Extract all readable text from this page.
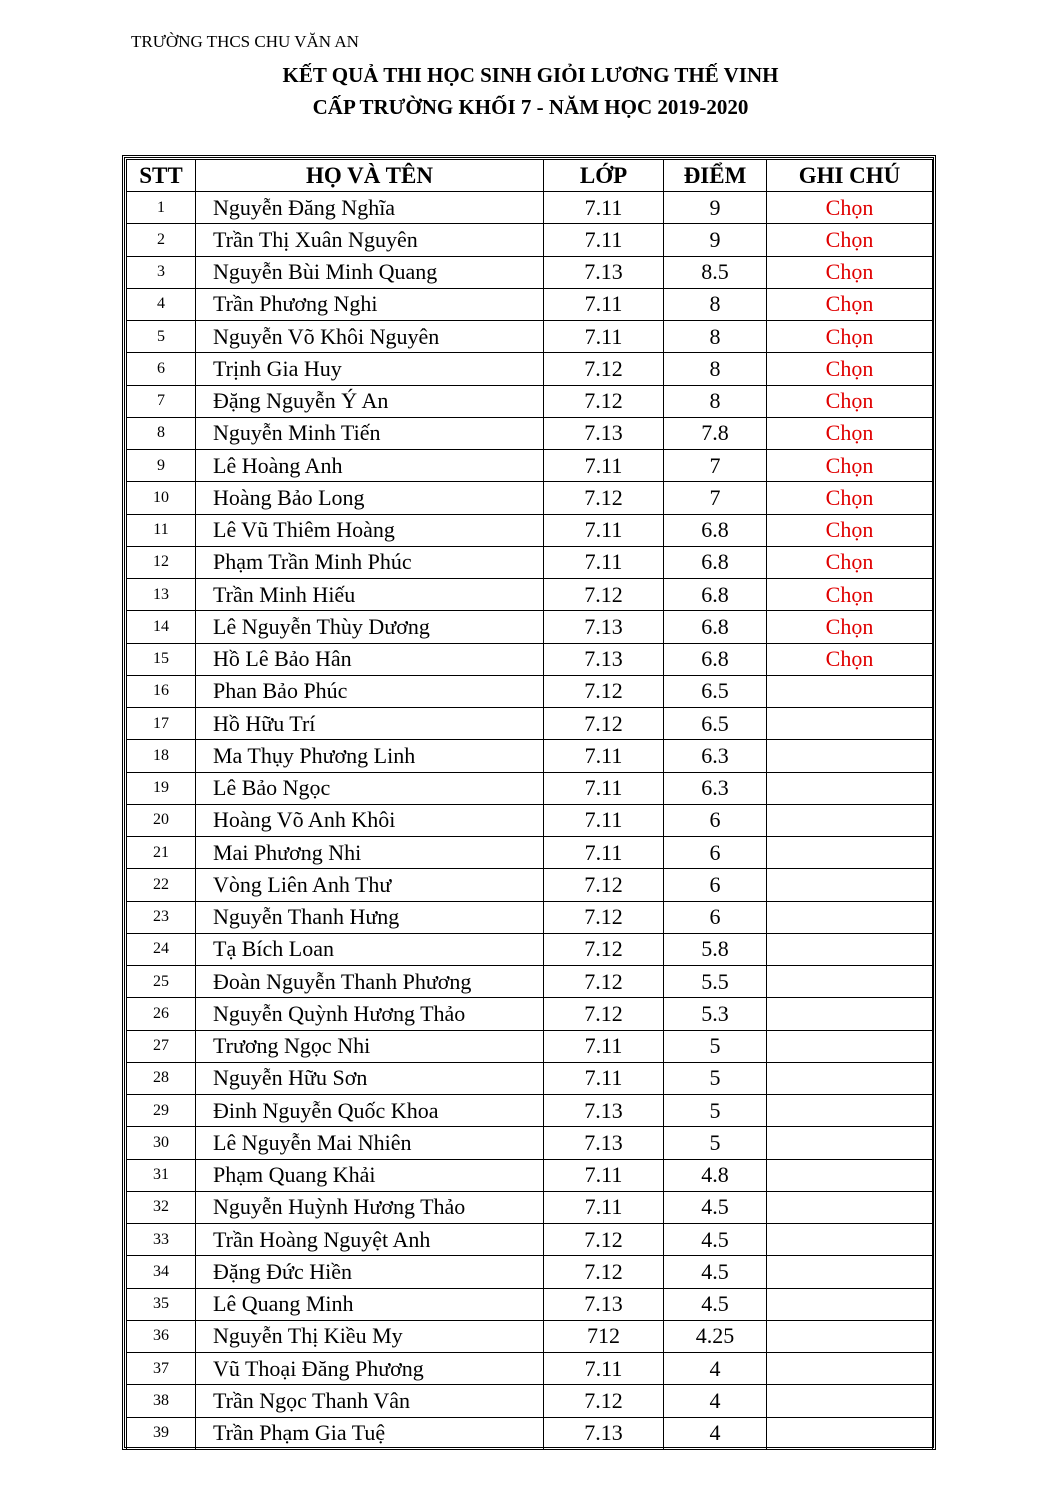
TRƯỜNG THCS CHU VĂN AN
KẾT QUẢ THI HỌC SINH GIỎI LƯƠNG THẾ VINH
CẤP TRƯỜNG KHỐI 7 - NĂM HỌC 2019-2020
STT	HỌ VÀ TÊN	LỚP	ĐIỂM	GHI CHÚ
1	Nguyễn Đăng Nghĩa	7.11	9	Chọn
2	Trần Thị Xuân Nguyên	7.11	9	Chọn
3	Nguyễn Bùi Minh Quang	7.13	8.5	Chọn
4	Trần Phương Nghi	7.11	8	Chọn
5	Nguyễn Võ Khôi Nguyên	7.11	8	Chọn
6	Trịnh Gia Huy	7.12	8	Chọn
7	Đặng Nguyễn Ý An	7.12	8	Chọn
8	Nguyễn Minh Tiến	7.13	7.8	Chọn
9	Lê Hoàng Anh	7.11	7	Chọn
10	Hoàng Bảo Long	7.12	7	Chọn
11	Lê Vũ Thiêm Hoàng	7.11	6.8	Chọn
12	Phạm Trần Minh Phúc	7.11	6.8	Chọn
13	Trần Minh Hiếu	7.12	6.8	Chọn
14	Lê Nguyễn Thùy Dương	7.13	6.8	Chọn
15	Hồ Lê Bảo Hân	7.13	6.8	Chọn
16	Phan Bảo Phúc	7.12	6.5	
17	Hồ Hữu Trí	7.12	6.5	
18	Ma Thụy Phương Linh	7.11	6.3	
19	Lê Bảo Ngọc	7.11	6.3	
20	Hoàng Võ Anh Khôi	7.11	6	
21	Mai Phương Nhi	7.11	6	
22	Vòng Liên Anh Thư	7.12	6	
23	Nguyễn Thanh Hưng	7.12	6	
24	Tạ Bích Loan	7.12	5.8	
25	Đoàn Nguyễn Thanh Phương	7.12	5.5	
26	Nguyễn Quỳnh Hương Thảo	7.12	5.3	
27	Trương Ngọc Nhi	7.11	5	
28	Nguyễn Hữu Sơn	7.11	5	
29	Đinh Nguyễn Quốc Khoa	7.13	5	
30	Lê Nguyễn Mai Nhiên	7.13	5	
31	Phạm Quang Khải	7.11	4.8	
32	Nguyễn Huỳnh Hương Thảo	7.11	4.5	
33	Trần Hoàng Nguyệt Anh	7.12	4.5	
34	Đặng Đức Hiền	7.12	4.5	
35	Lê Quang Minh	7.13	4.5	
36	Nguyễn Thị Kiều My	712	4.25	
37	Vũ Thoại Đăng Phương	7.11	4	
38	Trần Ngọc Thanh Vân	7.12	4	
39	Trần Phạm Gia Tuệ	7.13	4	
